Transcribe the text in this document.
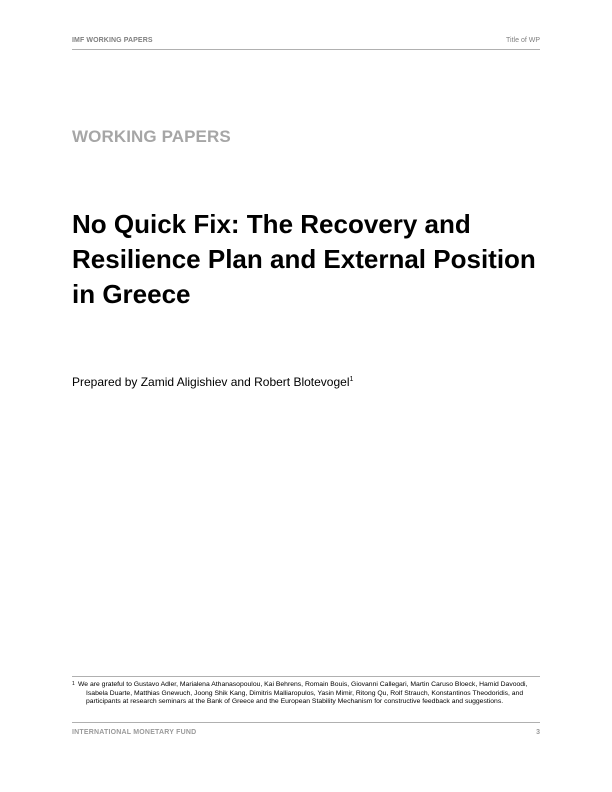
IMF WORKING PAPERS	Title of WP
WORKING PAPERS
No Quick Fix: The Recovery and Resilience Plan and External Position in Greece
Prepared by Zamid Aligishiev and Robert Blotevogel$^1$
1 We are grateful to Gustavo Adler, Marialena Athanasopoulou, Kai Behrens, Romain Bouis, Giovanni Callegari, Martin Caruso Bloeck, Hamid Davoodi, Isabela Duarte, Matthias Gnewuch, Joong Shik Kang, Dimitris Malliaropulos, Yasin Mimir, Ritong Qu, Rolf Strauch, Konstantinos Theodoridis, and participants at research seminars at the Bank of Greece and the European Stability Mechanism for constructive feedback and suggestions.
INTERNATIONAL MONETARY FUND	3
